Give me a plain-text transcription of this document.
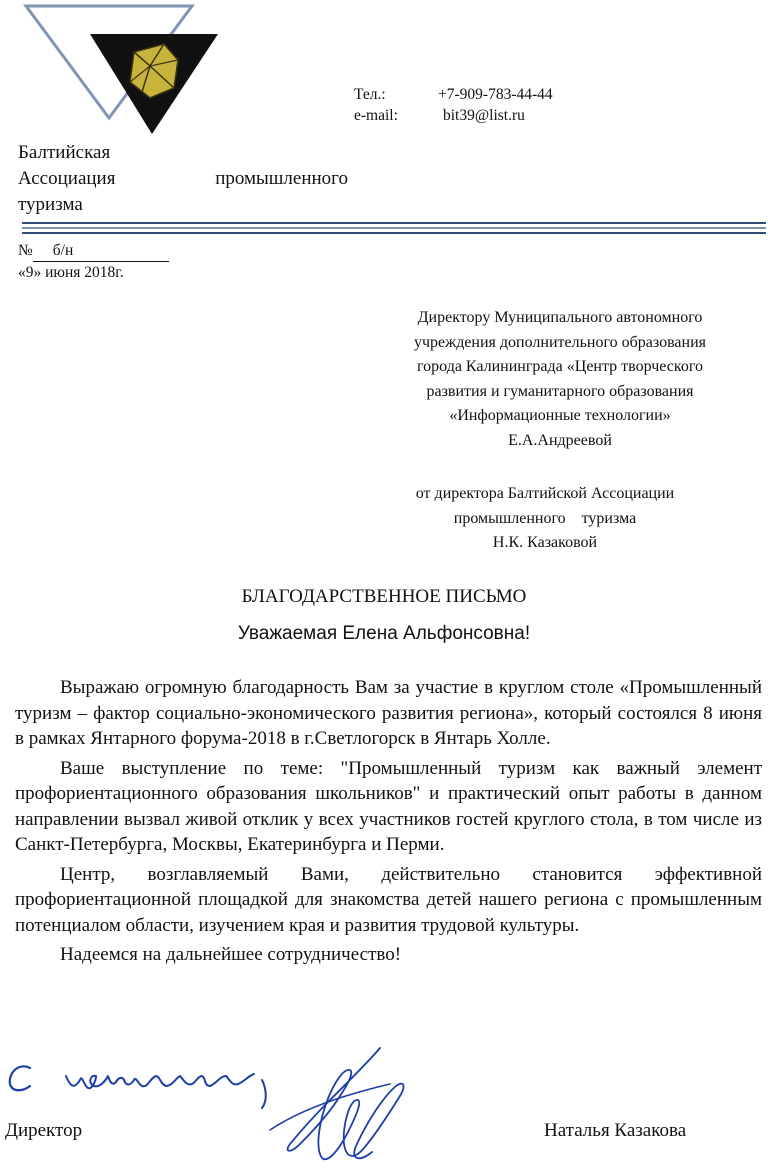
Тел.:	+7-909-783-44-44
e-mail:	bit39@list.ru
Балтийская
Ассоциация	промышленного
туризма
№ б/н
«9» июня 2018г.
Директору Муниципального автономного
учреждения дополнительного образования
города Калининграда «Центр творческого
развития и гуманитарного образования
«Информационные технологии»
Е.А.Андреевой
от директора Балтийской Ассоциации
промышленного    туризма
Н.К. Казаковой
БЛАГОДАРСТВЕННОЕ ПИСЬМО
Уважаемая Елена Альфонсовна!

Выражаю огромную благодарность Вам за участие в круглом столе «Промышленный туризм – фактор социально-экономического развития региона», который состоялся 8 июня в рамках Янтарного форума-2018 в г.Светлогорск в Янтарь Холле.

Ваше выступление по теме: "Промышленный туризм как важный элемент профориентационного образования школьников" и практический опыт работы в данном направлении вызвал живой отклик у всех участников гостей круглого стола, в том числе из Санкт-Петербурга, Москвы, Екатеринбурга и Перми.

Центр, возглавляемый Вами, действительно становится эффективной профориентационной площадкой для знакомства детей нашего региона с промышленным потенциалом области, изучением края и развития трудовой культуры.

Надеемся на дальнейшее сотрудничество!

Директор	Наталья Казакова
